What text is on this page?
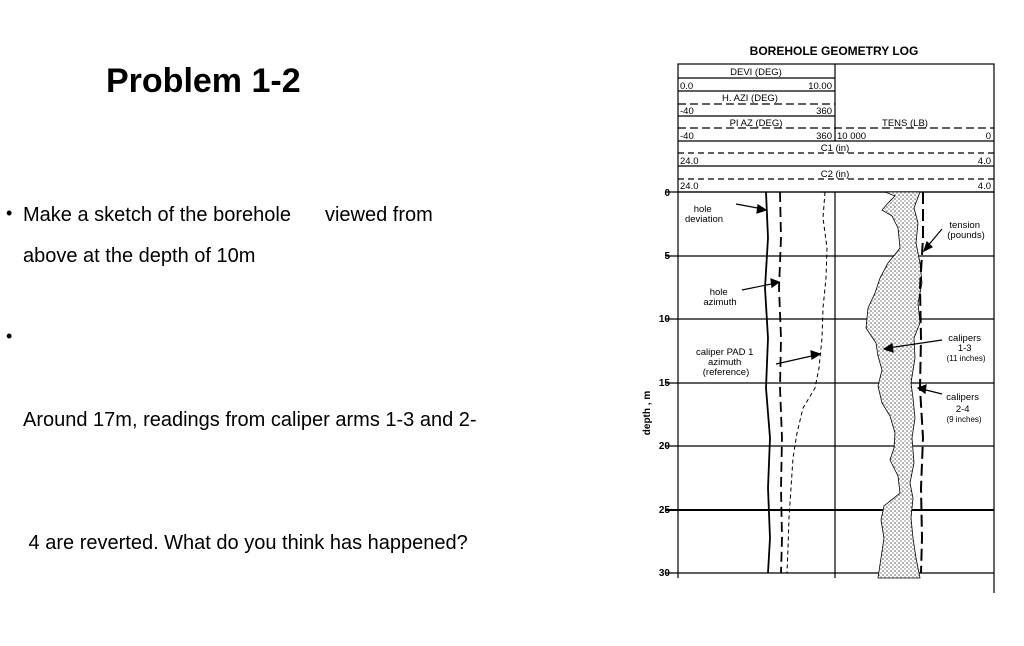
Problem 1-2
• Make a sketch of the borehole viewed from
above at the depth of 10m
•

Around 17m, readings from caliper arms 1-3 and 2-

4 are reverted. What do you think has happened?

BOREHOLE GEOMETRY LOG
DEVI (DEG)
0.0	10.00
H. AZI (DEG)
-40	360
PI AZ (DEG)
-40	360
TENS (LB)
10 000	0
C1 (in)
24.0	4.0
C2 (in)
24.0	4.0
0
5
10
15
20
25
30
depth , m
hole deviation
hole azimuth
caliper PAD 1 azimuth (reference)
tension (pounds)
calipers 1-3 (11 inches)
calipers 2-4 (9 inches)
